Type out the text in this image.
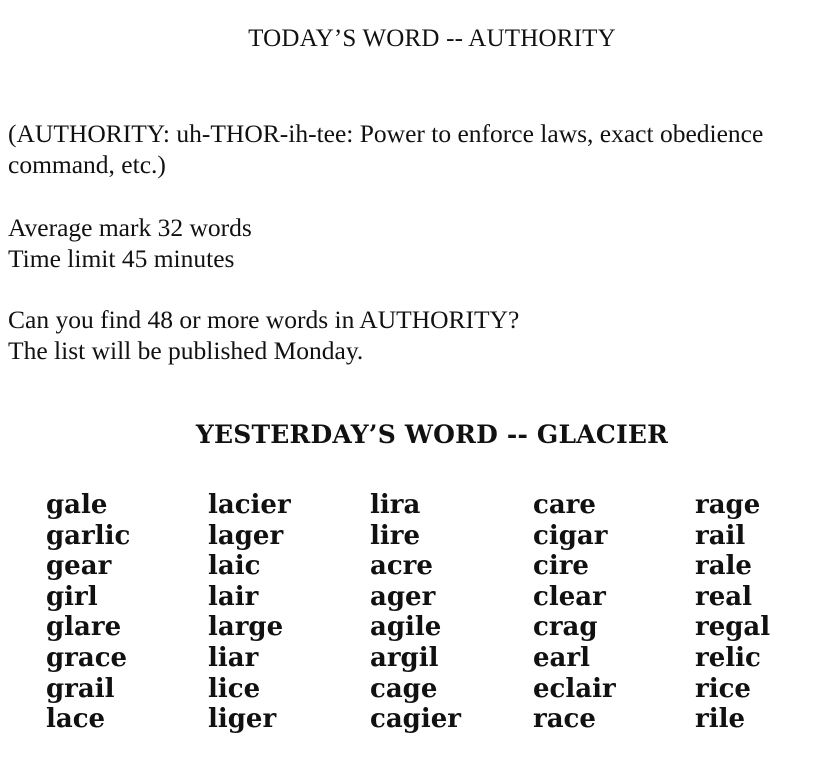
TODAY’S WORD -- AUTHORITY
(AUTHORITY: uh-THOR-ih-tee: Power to enforce laws, exact obedience
command, etc.)
Average mark 32 words
Time limit 45 minutes
Can you find 48 or more words in AUTHORITY?
The list will be published Monday.
YESTERDAY’S WORD -- GLACIER
gale
garlic
gear
girl
glare
grace
grail
lace
lacier
lager
laic
lair
large
liar
lice
liger
lira
lire
acre
ager
agile
argil
cage
cagier
care
cigar
cire
clear
crag
earl
eclair
race
rage
rail
rale
real
regal
relic
rice
rile
